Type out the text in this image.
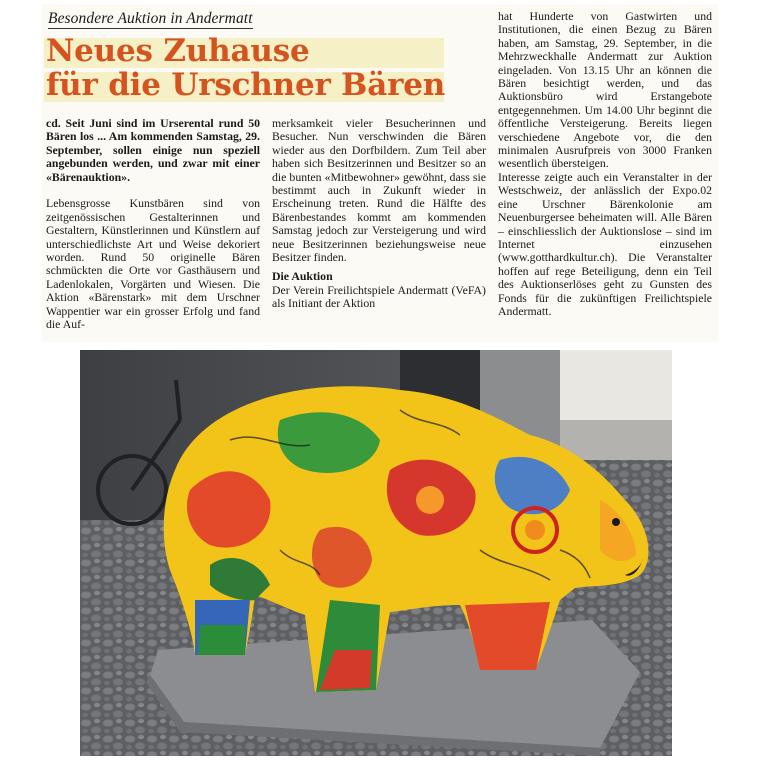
Besondere Auktion in Andermatt
Neues Zuhause
für die Urschner Bären

cd. Seit Juni sind im Urserental rund 50 Bären los ... Am kommenden Samstag, 29. September, sollen einige nun speziell angebunden werden, und zwar mit einer «Bärenauktion».

Lebensgrosse Kunstbären sind von zeitgenössischen Gestalterinnen und Gestaltern, Künstlerinnen und Künstlern auf unterschiedlichste Art und Weise dekoriert worden. Rund 50 originelle Bären schmückten die Orte vor Gasthäusern und Ladenlokalen, Vorgärten und Wiesen. Die Aktion «Bärenstark» mit dem Urschner Wappentier war ein grosser Erfolg und fand die Auf-

merksamkeit vieler Besucherinnen und Besucher. Nun verschwinden die Bären wieder aus den Dorfbildern. Zum Teil aber haben sich Besitzerinnen und Besitzer so an die bunten «Mitbewohner» gewöhnt, dass sie bestimmt auch in Zukunft wieder in Erscheinung treten. Rund die Hälfte des Bärenbestandes kommt am kommenden Samstag jedoch zur Versteigerung und wird neue Besitzerinnen beziehungsweise neue Besitzer finden.

Die Auktion

Der Verein Freilichtspiele Andermatt (VeFA) als Initiant der Aktion

hat Hunderte von Gastwirten und Institutionen, die einen Bezug zu Bären haben, am Samstag, 29. September, in die Mehrzweckhalle Andermatt zur Auktion eingeladen. Von 13.15 Uhr an können die Bären besichtigt werden, und das Auktionsbüro wird Erstangebote entgegennehmen. Um 14.00 Uhr beginnt die öffentliche Versteigerung. Bereits liegen verschiedene Angebote vor, die den minimalen Ausrufpreis von 3000 Franken wesentlich übersteigen.

Interesse zeigte auch ein Veranstalter in der Westschweiz, der anlässlich der Expo.02 eine Urschner Bärenkolonie am Neuenburgersee beheimaten will. Alle Bären – einschliesslich der Auktionslose – sind im Internet einzusehen (www.gotthardkultur.ch). Die Veranstalter hoffen auf rege Beteiligung, denn ein Teil des Auktionserlöses geht zu Gunsten des Fonds für die zukünftigen Freilichtspiele Andermatt.
